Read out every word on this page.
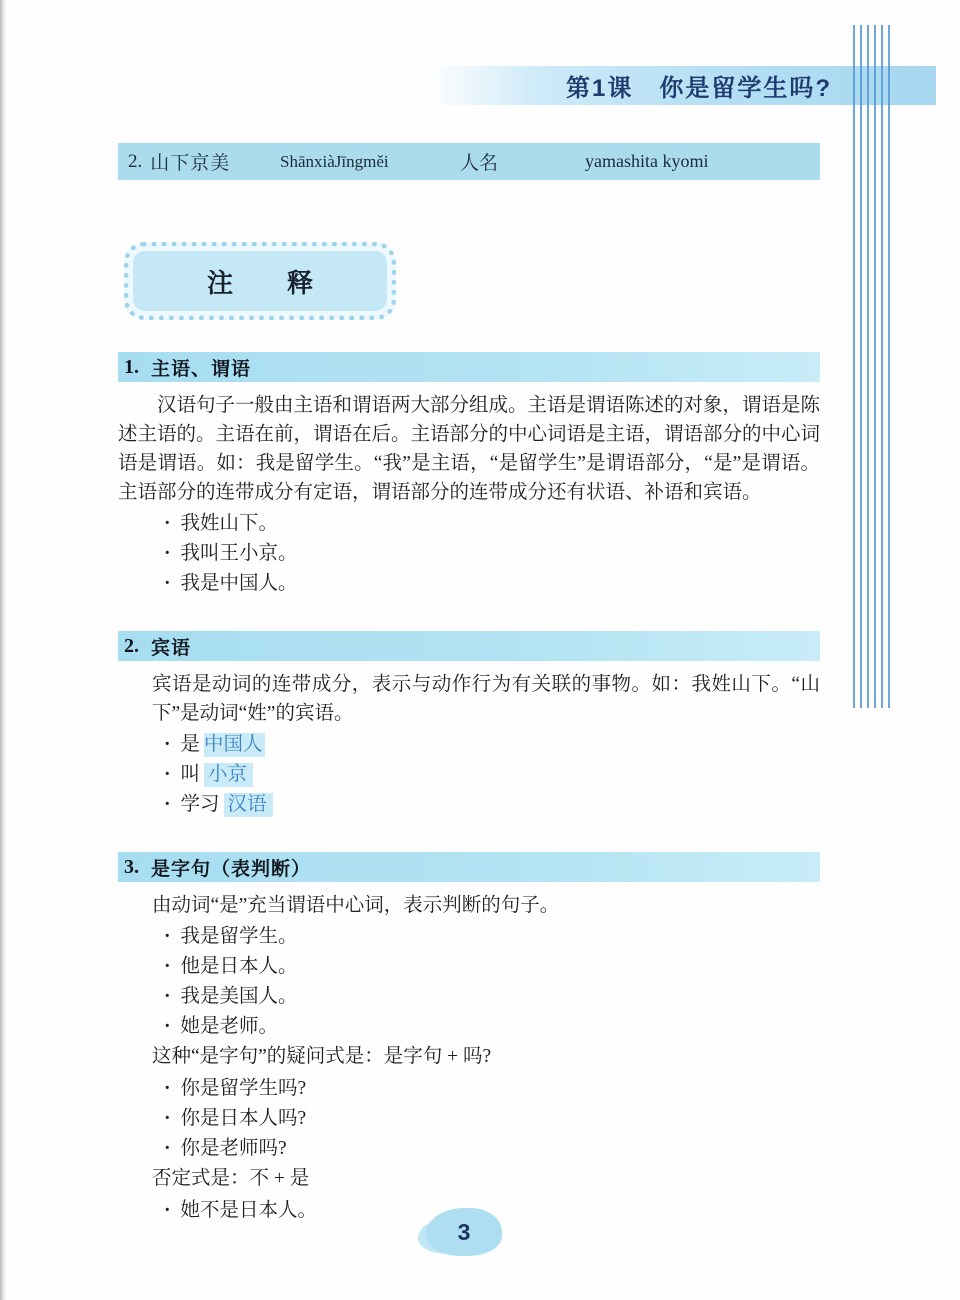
第1课　你是留学生吗?
2. 山下京美	ShānxiàJīngměi	人名	yamashita kyomi
注　释
1. 主语、谓语

汉语句子一般由主语和谓语两大部分组成。主语是谓语陈述的对象，谓语是陈述主语的。主语在前，谓语在后。主语部分的中心词语是主语，谓语部分的中心词语是谓语。如：我是留学生。“我”是主语，“是留学生”是谓语部分，“是”是谓语。主语部分的连带成分有定语，谓语部分的连带成分还有状语、补语和宾语。

· 我姓山下。
· 我叫王小京。
· 我是中国人。
2. 宾语

宾语是动词的连带成分，表示与动作行为有关联的事物。如：我姓山下。“山下”是动词“姓”的宾语。

· 是 中国人
· 叫 小京
· 学习 汉语
3. 是字句（表判断）

由动词“是”充当谓语中心词，表示判断的句子。

· 我是留学生。
· 他是日本人。
· 我是美国人。
· 她是老师。
这种“是字句”的疑问式是：是字句 + 吗?
· 你是留学生吗?
· 你是日本人吗?
· 你是老师吗?
否定式是：不 + 是
· 她不是日本人。
3
